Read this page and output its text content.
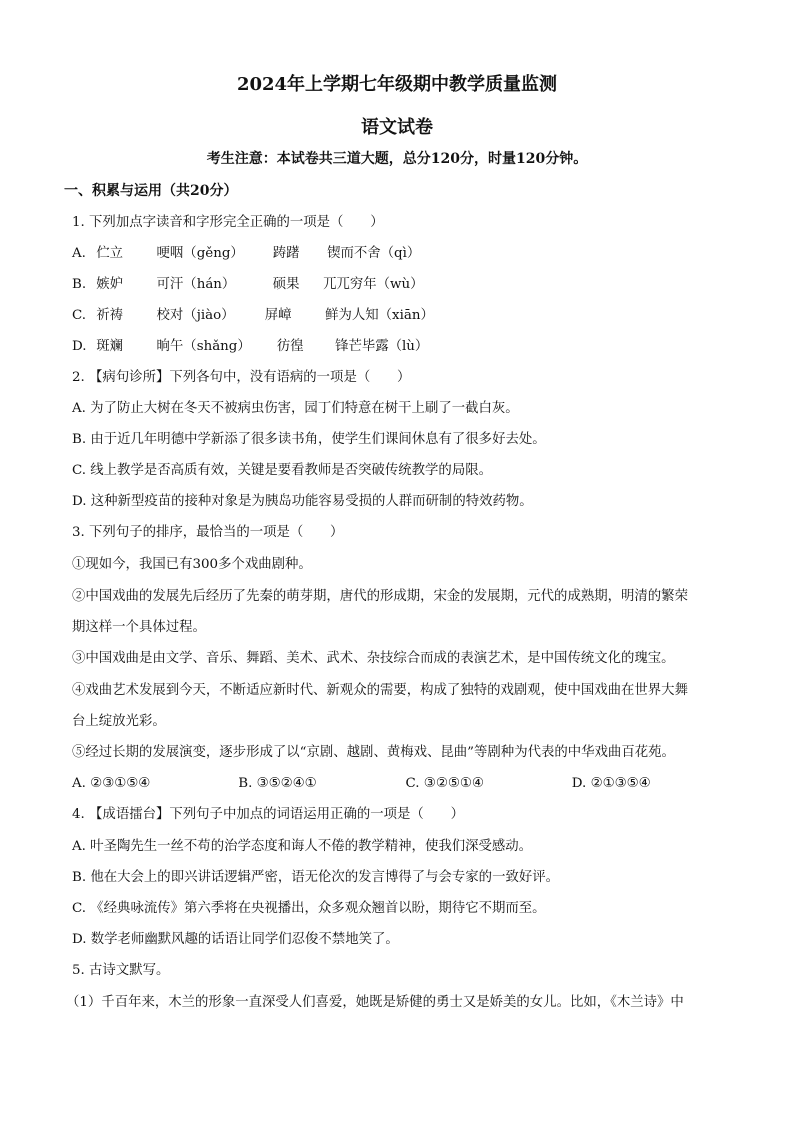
2024年上学期七年级期中教学质量监测
语文试卷
考生注意：本试卷共三道大题，总分120分，时量120分钟。
一、积累与运用（共20分）
1. 下列加点字读音和字形完全正确的一项是（　　）
A. 伫立 哽咽（gěng） 踌躇 锲而不舍（qì）
B. 嫉妒 可汗（hán）	硕果 兀兀穷年（wù）
C. 祈祷 校对（jiào） 屏嶂 鲜为人知（xiān）
D. 斑斓 晌午（shǎng） 彷徨 锋芒毕露（lù）
2. 【病句诊所】下列各句中，没有语病的一项是（　　）
A. 为了防止大树在冬天不被病虫伤害，园丁们特意在树干上刷了一截白灰。
B. 由于近几年明德中学新添了很多读书角，使学生们课间休息有了很多好去处。
C. 线上教学是否高质有效，关键是要看教师是否突破传统教学的局限。
D. 这种新型疫苗的接种对象是为胰岛功能容易受损的人群而研制的特效药物。
3. 下列句子的排序，最恰当的一项是（　　）
①现如今，我国已有300多个戏曲剧种。
②中国戏曲的发展先后经历了先秦的萌芽期，唐代的形成期，宋金的发展期，元代的成熟期，明清的繁荣
期这样一个具体过程。
③中国戏曲是由文学、音乐、舞蹈、美术、武术、杂技综合而成的表演艺术，是中国传统文化的瑰宝。
④戏曲艺术发展到今天，不断适应新时代、新观众的需要，构成了独特的戏剧观，使中国戏曲在世界大舞
台上绽放光彩。
⑤经过长期的发展演变，逐步形成了以“京剧、越剧、黄梅戏、昆曲”等剧种为代表的中华戏曲百花苑。
A. ②③①⑤④	B. ③⑤②④①	C. ③②⑤①④	D. ②①③⑤④
4. 【成语擂台】下列句子中加点的词语运用正确的一项是（　　）
A. 叶圣陶先生一丝不苟的治学态度和诲人不倦的教学精神，使我们深受感动。
B. 他在大会上的即兴讲话逻辑严密，语无伦次的发言博得了与会专家的一致好评。
C. 《经典咏流传》第六季将在央视播出，众多观众翘首以盼，期待它不期而至。
D. 数学老师幽默风趣的话语让同学们忍俊不禁地笑了。
5. 古诗文默写。
（1）千百年来，木兰的形象一直深受人们喜爱，她既是矫健的勇士又是娇美的女儿。比如，《木兰诗》中
